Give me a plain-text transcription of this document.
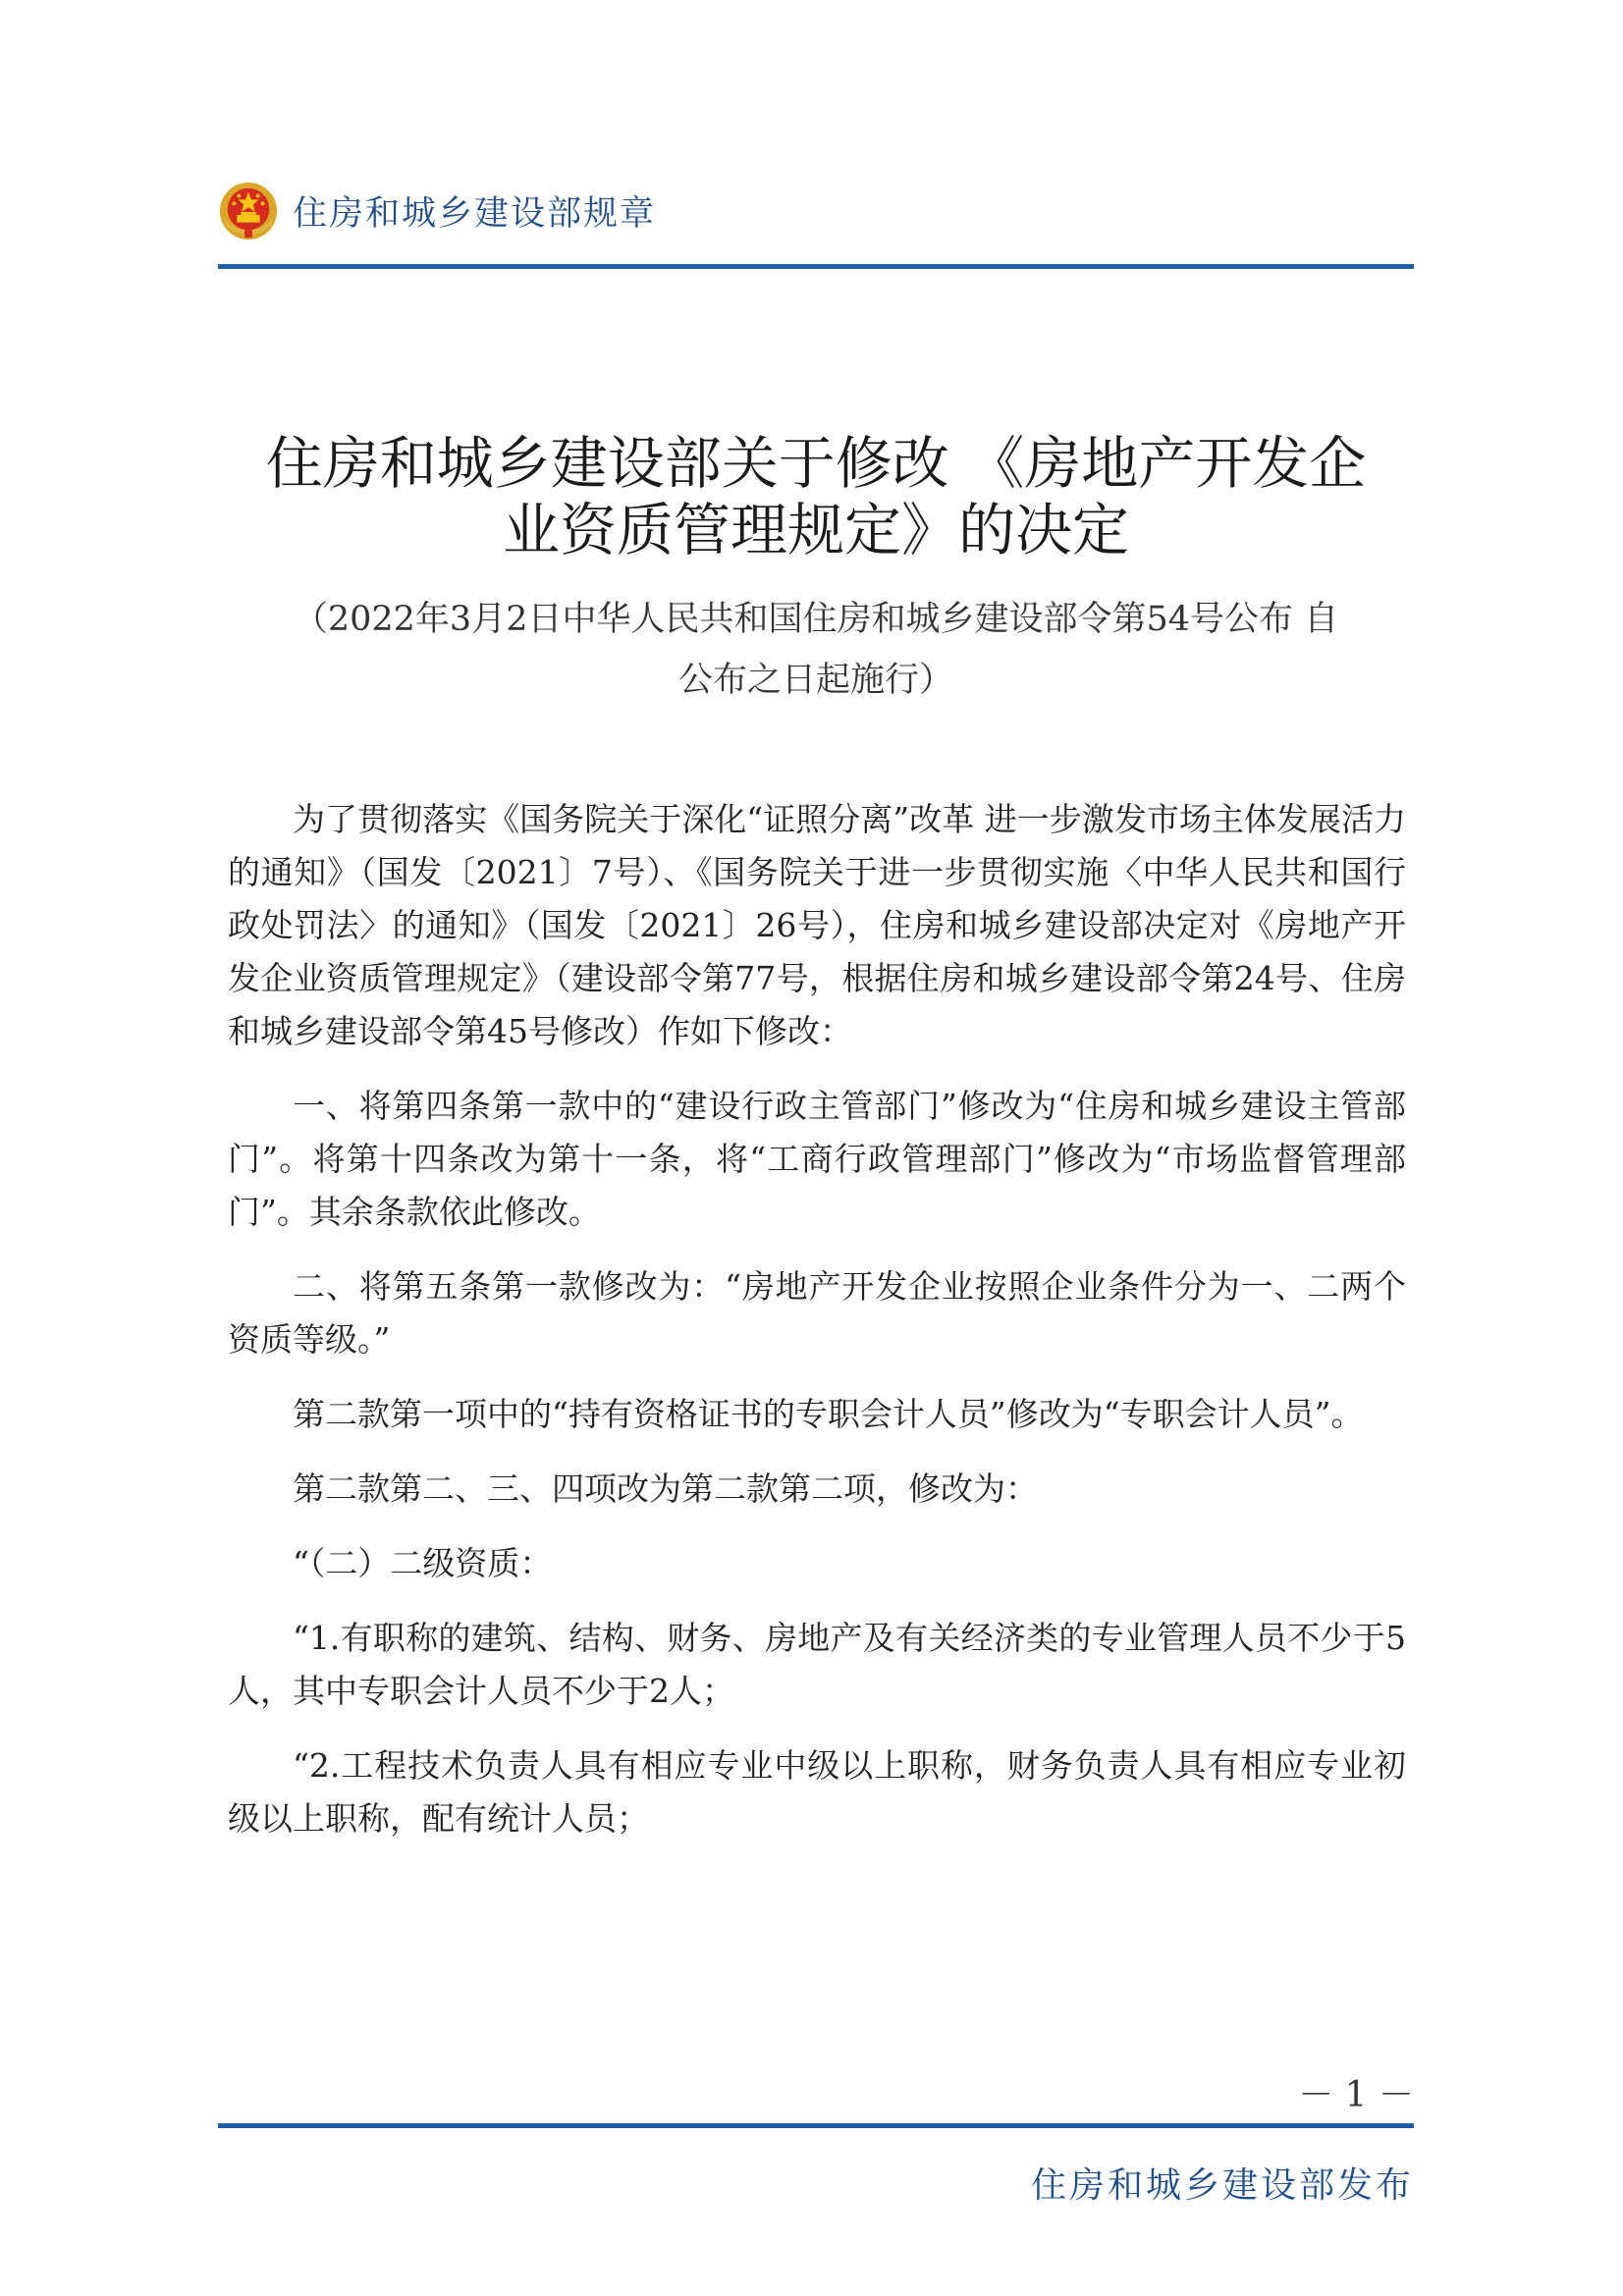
住房和城乡建设部规章
住房和城乡建设部关于修改 《房地产开发企
业资质管理规定》的决定
（2022年3月2日中华人民共和国住房和城乡建设部令第54号公布 自
公布之日起施行）

为了贯彻落实《国务院关于深化“证照分离”改革 进一步激发市场主体发展活力的通知》（国发〔2021〕7号）、《国务院关于进一步贯彻实施〈中华人民共和国行政处罚法〉的通知》（国发〔2021〕26号），住房和城乡建设部决定对《房地产开发企业资质管理规定》（建设部令第77号，根据住房和城乡建设部令第24号、住房和城乡建设部令第45号修改）作如下修改：

一、将第四条第一款中的“建设行政主管部门”修改为“住房和城乡建设主管部门”。将第十四条改为第十一条，将“工商行政管理部门”修改为“市场监督管理部门”。其余条款依此修改。

二、将第五条第一款修改为：“房地产开发企业按照企业条件分为一、二两个资质等级。”

第二款第一项中的“持有资格证书的专职会计人员”修改为“专职会计人员”。

第二款第二、三、四项改为第二款第二项，修改为：

“（二）二级资质：

“1.有职称的建筑、结构、财务、房地产及有关经济类的专业管理人员不少于5人，其中专职会计人员不少于2人；

“2.工程技术负责人具有相应专业中级以上职称，财务负责人具有相应专业初级以上职称，配有统计人员；

－ 1 －
住房和城乡建设部发布
